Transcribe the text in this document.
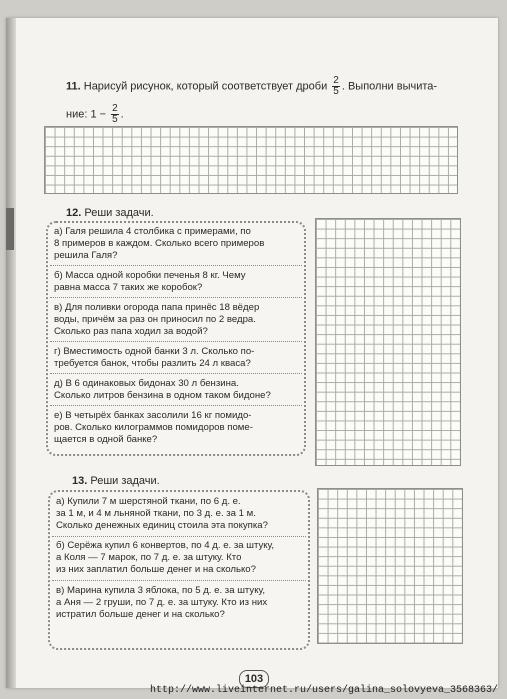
11. Нарисуй рисунок, который соответствует дроби $\frac{2}{5}$ . Выполни вычита-
ние: $1 - \frac{2}{5}$ .
12. Реши задачи.
а) Галя решила 4 столбика с примерами, по
8 примеров в каждом. Сколько всего примеров
решила Галя?
б) Масса одной коробки печенья 8 кг. Чему
равна масса 7 таких же коробок?
в) Для поливки огорода папа принёс 18 вёдер
воды, причём за раз он приносил по 2 ведра.
Сколько раз папа ходил за водой?
г) Вместимость одной банки 3 л. Сколько по-
требуется банок, чтобы разлить 24 л кваса?
д) В 6 одинаковых бидонах 30 л бензина.
Сколько литров бензина в одном таком бидоне?
е) В четырёх банках засолили 16 кг помидо-
ров. Сколько килограммов помидоров поме-
щается в одной банке?
13. Реши задачи.
а) Купили 7 м шерстяной ткани, по 6 д. е.
за 1 м, и 4 м льняной ткани, по 3 д. е. за 1 м.
Сколько денежных единиц стоила эта покупка?
б) Серёжа купил 6 конвертов, по 4 д. е. за штуку,
а Коля — 7 марок, по 7 д. е. за штуку. Кто
из них заплатил больше денег и на сколько?
в) Марина купила 3 яблока, по 5 д. е. за штуку,
а Аня — 2 груши, по 7 д. е. за штуку. Кто из них
истратил больше денег и на сколько?
103
http://www.liveinternet.ru/users/galina_solovyeva_3568363/
